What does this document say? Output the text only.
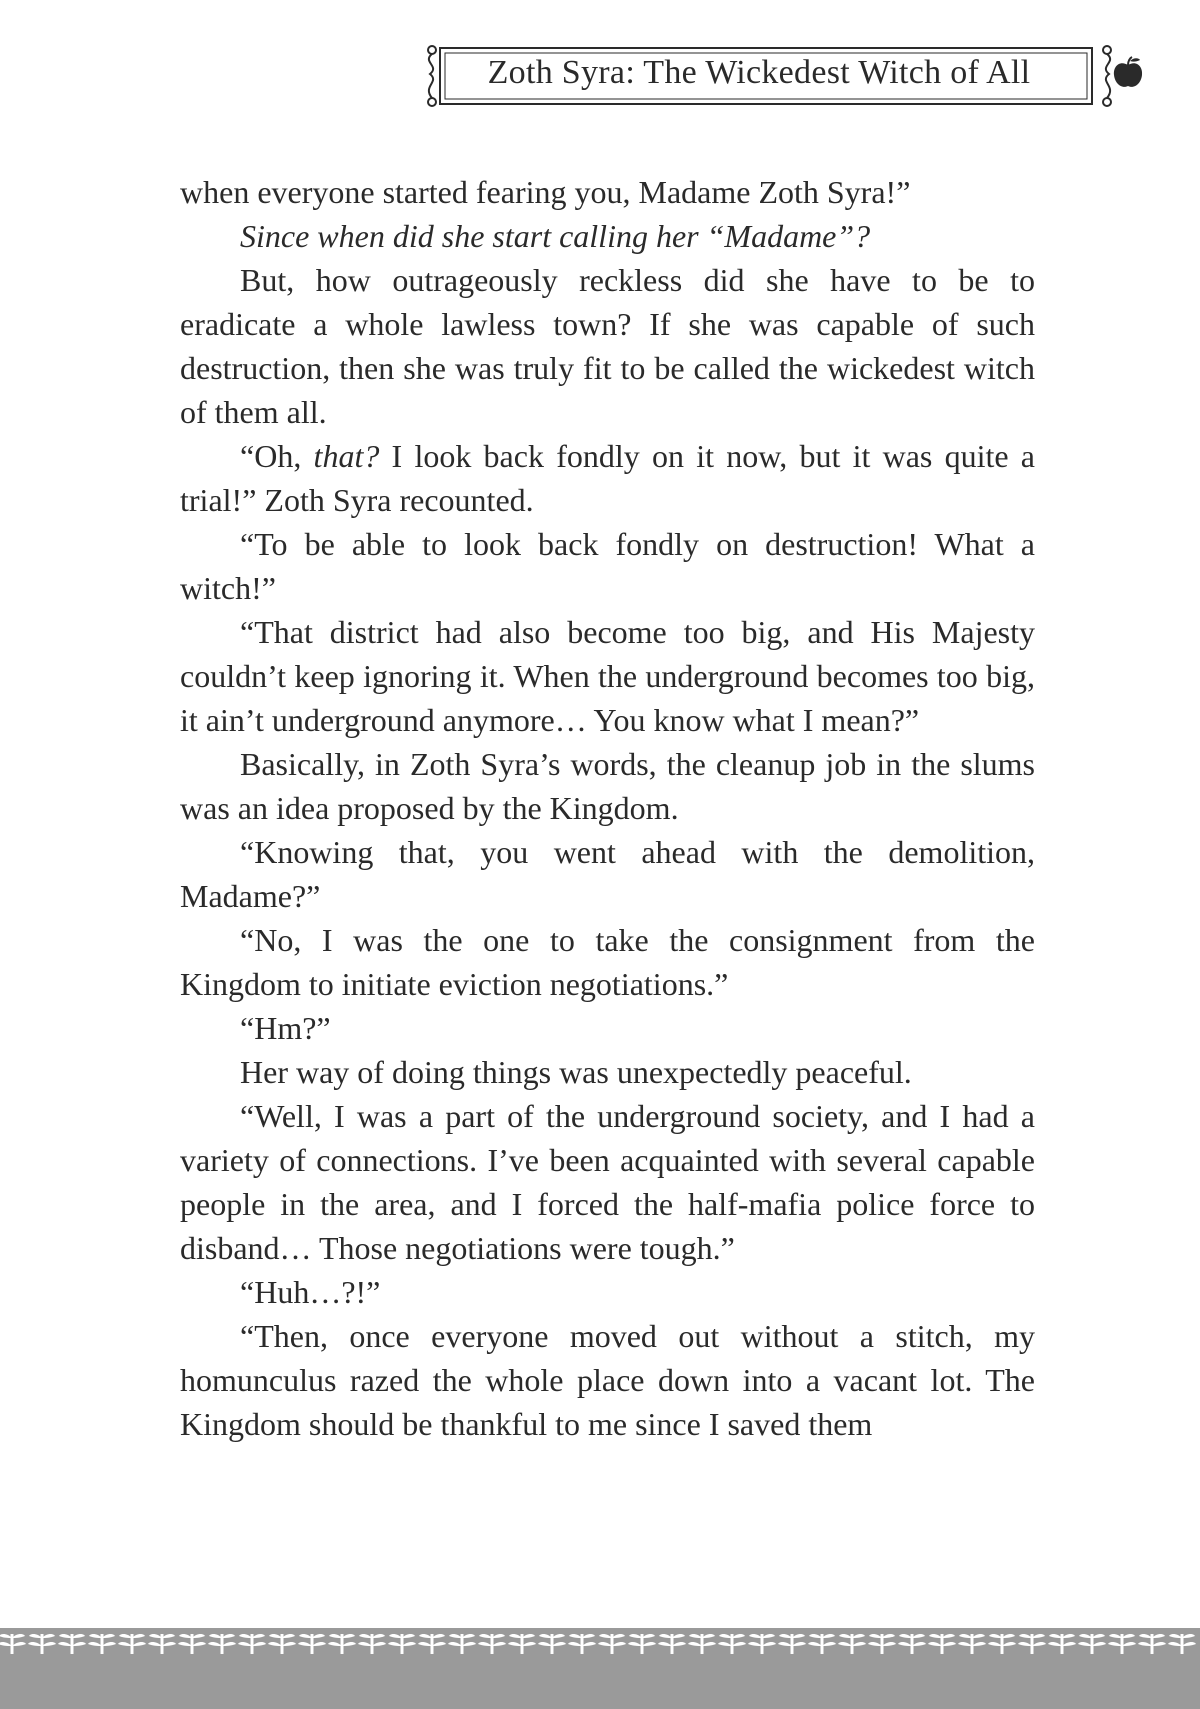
Zoth Syra: The Wickedest Witch of All

when everyone started fearing you, Madame Zoth Syra!”

Since when did she start calling her “Madame”?

But, how outrageously reckless did she have to be to eradicate a whole lawless town? If she was capable of such destruction, then she was truly fit to be called the wickedest witch of them all.

“Oh, that? I look back fondly on it now, but it was quite a trial!” Zoth Syra recounted.

“To be able to look back fondly on destruction! What a witch!”

“That district had also become too big, and His Majesty couldn’t keep ignoring it. When the underground becomes too big, it ain’t underground anymore… You know what I mean?”

Basically, in Zoth Syra’s words, the cleanup job in the slums was an idea proposed by the Kingdom.

“Knowing that, you went ahead with the demolition, Madame?”

“No, I was the one to take the consignment from the Kingdom to initiate eviction negotiations.”

“Hm?”

Her way of doing things was unexpectedly peaceful.

“Well, I was a part of the underground society, and I had a variety of connections. I’ve been acquainted with several capable people in the area, and I forced the half-mafia police force to disband… Those negotiations were tough.”

“Huh…?!”

“Then, once everyone moved out without a stitch, my homunculus razed the whole place down into a vacant lot. The Kingdom should be thankful to me since I saved them
